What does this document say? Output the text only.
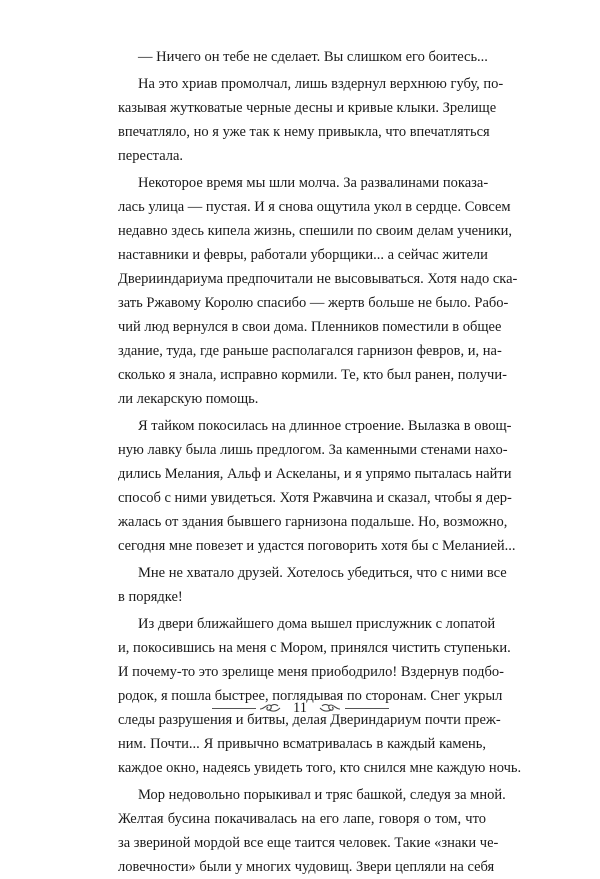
— Ничего он тебе не сделает. Вы слишком его боитесь...
На это хриав промолчал, лишь вздернул верхнюю губу, по-
казывая жутковатые черные десны и кривые клыки. Зрелище
впечатляло, но я уже так к нему привыкла, что впечатляться
перестала.
Некоторое время мы шли молча. За развалинами показа-
лась улица — пустая. И я снова ощутила укол в сердце. Совсем
недавно здесь кипела жизнь, спешили по своим делам ученики,
наставники и февры, работали уборщики... а сейчас жители
Дверииндариума предпочитали не высовываться. Хотя надо ска-
зать Ржавому Королю спасибо — жертв больше не было. Рабо-
чий люд вернулся в свои дома. Пленников поместили в общее
здание, туда, где раньше располагался гарнизон февров, и, на-
сколько я знала, исправно кормили. Те, кто был ранен, получи-
ли лекарскую помощь.
Я тайком покосилась на длинное строение. Вылазка в овощ-
ную лавку была лишь предлогом. За каменными стенами нахо-
дились Мелания, Альф и Аскеланы, и я упрямо пыталась найти
способ с ними увидеться. Хотя Ржавчина и сказал, чтобы я дер-
жалась от здания бывшего гарнизона подальше. Но, возможно,
сегодня мне повезет и удастся поговорить хотя бы с Меланией...
Мне не хватало друзей. Хотелось убедиться, что с ними все
в порядке!
Из двери ближайшего дома вышел прислужник с лопатой
и, покосившись на меня с Мором, принялся чистить ступеньки.
И почему-то это зрелище меня приободрило! Вздернув подбо-
родок, я пошла быстрее, поглядывая по сторонам. Снег укрыл
следы разрушения и битвы, делая Двериндариум почти преж-
ним. Почти... Я привычно всматривалась в каждый камень,
каждое окно, надеясь увидеть того, кто снился мне каждую ночь.
Мор недовольно порыкивал и тряс башкой, следуя за мной.
Желтая бусина покачивалась на его лапе, говоря о том, что
за звериной мордой все еще таится человек. Такие «знаки че-
ловечности» были у многих чудовищ. Звери цепляли на себя
11
